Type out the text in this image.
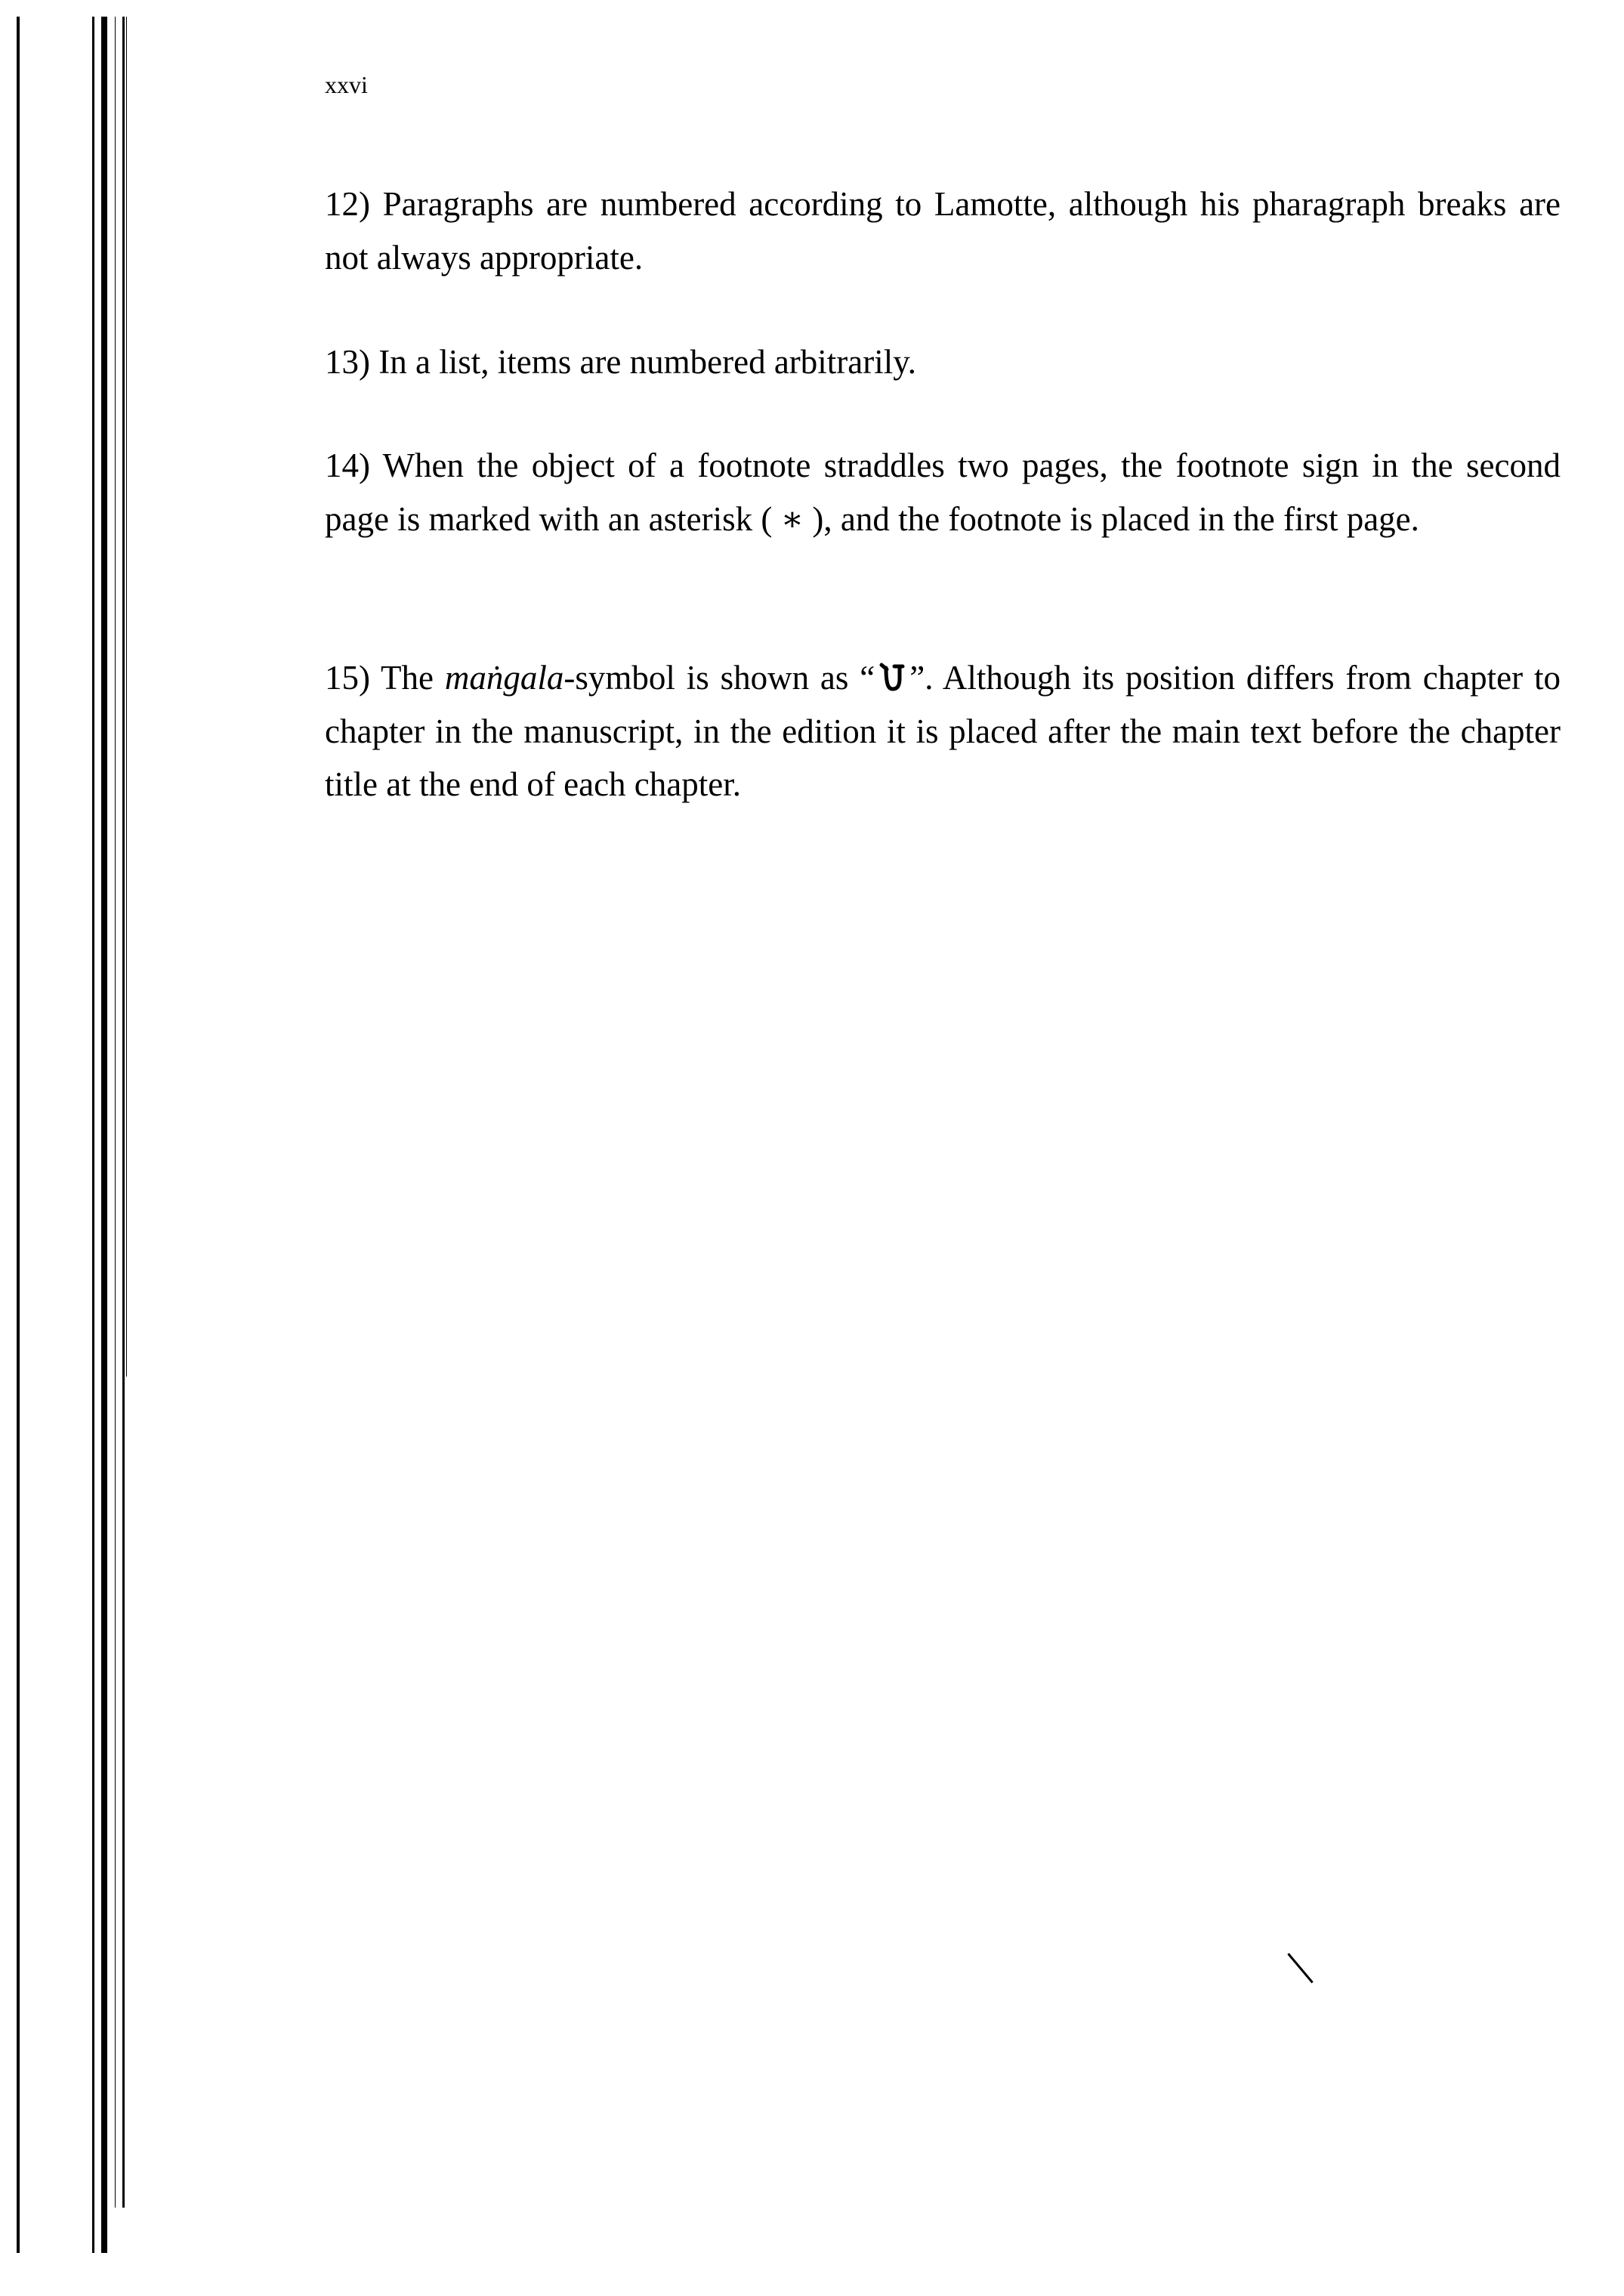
xxvi
12) Paragraphs are numbered according to Lamotte, although his pharagraph breaks are not always appropriate.
13) In a list, items are numbered arbitrarily.
14) When the object of a footnote straddles two pages, the footnote sign in the second page is marked with an asterisk ( ∗ ), and the footnote is placed in the first page.
15) The maṅgala-symbol is shown as “ ”. Although its position differs from chapter to chapter in the manuscript, in the edition it is placed after the main text before the chapter title at the end of each chapter.
